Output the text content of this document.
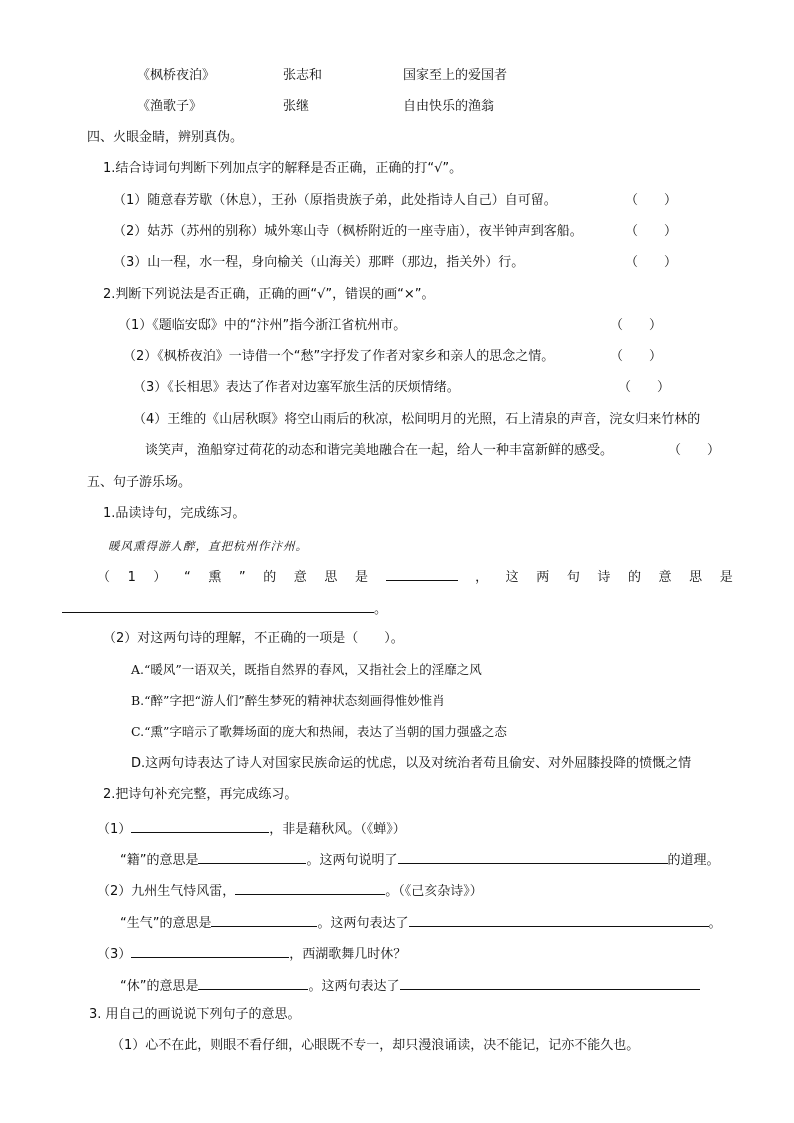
《枫桥夜泊》	张志和	国家至上的爱国者
《渔歌子》	张继	自由快乐的渔翁
四、火眼金睛，辨别真伪。
1.结合诗词句判断下列加点字的解释是否正确，正确的打“√”。
（1）随意春芳歇（休息），王孙（原指贵族子弟，此处指诗人自己）自可留。	（　　）
（2）姑苏（苏州的别称）城外寒山寺（枫桥附近的一座寺庙），夜半钟声到客船。	（　　）
（3）山一程，水一程，身向榆关（山海关）那畔（那边，指关外）行。	（　　）
2.判断下列说法是否正确，正确的画“√”，错误的画“×”。
（1）《题临安邸》中的“汴州”指今浙江省杭州市。	（　　）
（2）《枫桥夜泊》一诗借一个“愁”字抒发了作者对家乡和亲人的思念之情。	（　　）
（3）《长相思》表达了作者对边塞军旅生活的厌烦情绪。	（　　）
（4）王维的《山居秋暝》将空山雨后的秋凉，松间明月的光照，石上清泉的声音，浣女归来竹林的
谈笑声，渔船穿过荷花的动态和谐完美地融合在一起，给人一种丰富新鲜的感受。	（　　）
五、句子游乐场。
1.品读诗句，完成练习。
暖风熏得游人醉，直把杭州作汴州。
（ 1 ） “ 熏 ” 的 意 思 是	， 这 两 句 诗 的 意 思 是
。
（2）对这两句诗的理解，不正确的一项是（　　）。
A.“暖风”一语双关，既指自然界的春风，又指社会上的淫靡之风
B.“醉”字把“游人们”醉生梦死的精神状态刻画得惟妙惟肖
C.“熏”字暗示了歌舞场面的庞大和热闹，表达了当朝的国力强盛之态
D.这两句诗表达了诗人对国家民族命运的忧虑，以及对统治者苟且偷安、对外屈膝投降的愤慨之情
2.把诗句补充完整，再完成练习。
（1）	，非是藉秋风。（《蝉》）
“籍”的意思是	。这两句说明了	的道理。
（2）九州生气恃风雷，	。（《己亥杂诗》）
“生气”的意思是	。这两句表达了	。
（3）	，西湖歌舞几时休？
“休”的意思是	。这两句表达了
3. 用自己的画说说下列句子的意思。
（1）心不在此，则眼不看仔细，心眼既不专一，却只漫浪诵读，决不能记，记亦不能久也。
